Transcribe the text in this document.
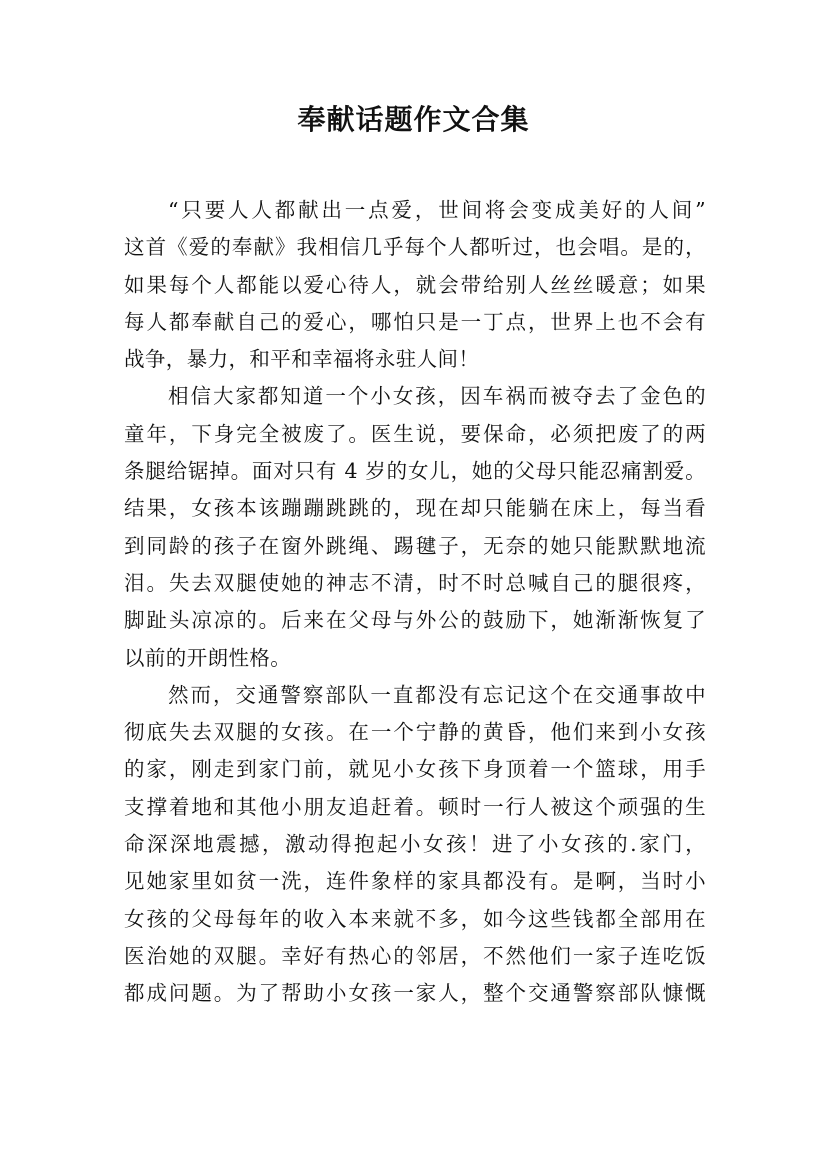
奉献话题作文合集
“只要人人都献出一点爱，世间将会变成美好的人间”
这首《爱的奉献》我相信几乎每个人都听过，也会唱。是的，
如果每个人都能以爱心待人，就会带给别人丝丝暖意；如果
每人都奉献自己的爱心，哪怕只是一丁点，世界上也不会有
战争，暴力，和平和幸福将永驻人间！
相信大家都知道一个小女孩，因车祸而被夺去了金色的
童年，下身完全被废了。医生说，要保命，必须把废了的两
条腿给锯掉。面对只有 4 岁的女儿，她的父母只能忍痛割爱。
结果，女孩本该蹦蹦跳跳的，现在却只能躺在床上，每当看
到同龄的孩子在窗外跳绳、踢毽子，无奈的她只能默默地流
泪。失去双腿使她的神志不清，时不时总喊自己的腿很疼，
脚趾头凉凉的。后来在父母与外公的鼓励下，她渐渐恢复了
以前的开朗性格。
然而，交通警察部队一直都没有忘记这个在交通事故中
彻底失去双腿的女孩。在一个宁静的黄昏，他们来到小女孩
的家，刚走到家门前，就见小女孩下身顶着一个篮球，用手
支撑着地和其他小朋友追赶着。顿时一行人被这个顽强的生
命深深地震撼，激动得抱起小女孩！进了小女孩的.家门，
见她家里如贫一洗，连件象样的家具都没有。是啊，当时小
女孩的父母每年的收入本来就不多，如今这些钱都全部用在
医治她的双腿。幸好有热心的邻居，不然他们一家子连吃饭
都成问题。为了帮助小女孩一家人，整个交通警察部队慷慨
